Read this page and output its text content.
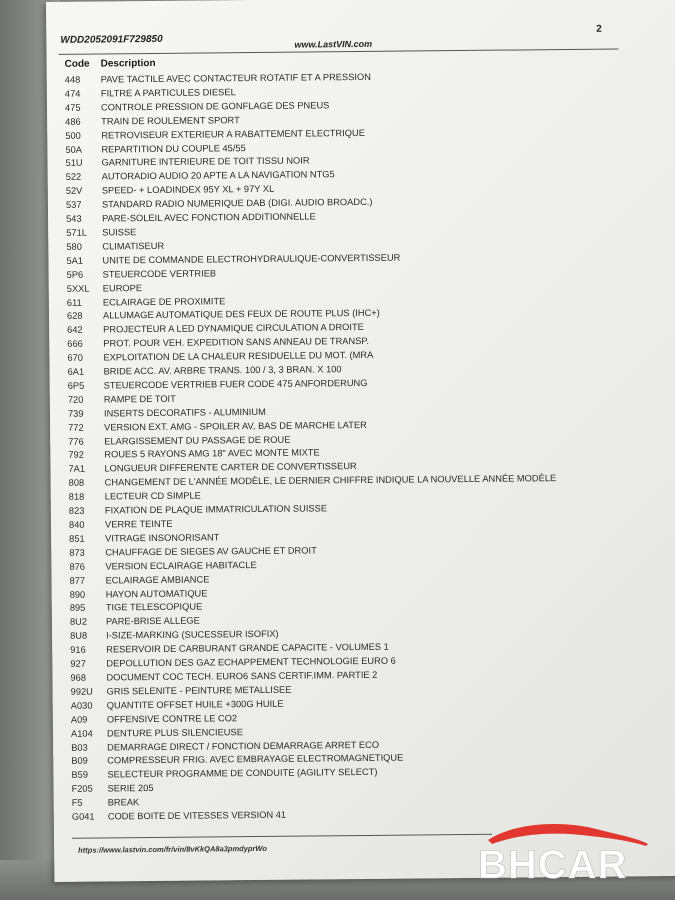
WDD2052091F729850	www.LastVIN.com
2
Code Description
448 PAVE TACTILE AVEC CONTACTEUR ROTATIF ET A PRESSION
474 FILTRE A PARTICULES DIESEL
475 CONTROLE PRESSION DE GONFLAGE DES PNEUS
486 TRAIN DE ROULEMENT SPORT
500 RETROVISEUR EXTERIEUR A RABATTEMENT ELECTRIQUE
50A REPARTITION DU COUPLE 45/55
51U GARNITURE INTERIEURE DE TOIT TISSU NOIR
522 AUTORADIO AUDIO 20 APTE A LA NAVIGATION NTG5
52V SPEED- + LOADINDEX 95Y XL + 97Y XL
537 STANDARD RADIO NUMERIQUE DAB (DIGI. AUDIO BROADC.)
543 PARE-SOLEIL AVEC FONCTION ADDITIONNELLE
571L SUISSE
580 CLIMATISEUR
5A1 UNITE DE COMMANDE ELECTROHYDRAULIQUE-CONVERTISSEUR
5P6 STEUERCODE VERTRIEB
5XXL EUROPE
611 ECLAIRAGE DE PROXIMITE
628 ALLUMAGE AUTOMATIQUE DES FEUX DE ROUTE PLUS (IHC+)
642 PROJECTEUR A LED DYNAMIQUE CIRCULATION A DROITE
666 PROT. POUR VEH. EXPEDITION SANS ANNEAU DE TRANSP.
670 EXPLOITATION DE LA CHALEUR RESIDUELLE DU MOT. (MRA
6A1 BRIDE ACC. AV. ARBRE TRANS. 100 / 3, 3 BRAN. X 100
6P5 STEUERCODE VERTRIEB FUER CODE 475 ANFORDERUNG
720 RAMPE DE TOIT
739 INSERTS DECORATIFS - ALUMINIUM
772 VERSION EXT. AMG - SPOILER AV, BAS DE MARCHE LATER
776 ELARGISSEMENT DU PASSAGE DE ROUE
792 ROUES 5 RAYONS AMG 18" AVEC MONTE MIXTE
7A1 LONGUEUR DIFFERENTE CARTER DE CONVERTISSEUR
808 CHANGEMENT DE L'ANNÉE MODÈLE, LE DERNIER CHIFFRE INDIQUE LA NOUVELLE ANNÉE MODÈLE
818 LECTEUR CD SIMPLE
823 FIXATION DE PLAQUE IMMATRICULATION SUISSE
840 VERRE TEINTE
851 VITRAGE INSONORISANT
873 CHAUFFAGE DE SIEGES AV GAUCHE ET DROIT
876 VERSION ECLAIRAGE HABITACLE
877 ECLAIRAGE AMBIANCE
890 HAYON AUTOMATIQUE
895 TIGE TELESCOPIQUE
8U2 PARE-BRISE ALLEGE
8U8 I-SIZE-MARKING (SUCESSEUR ISOFIX)
916 RESERVOIR DE CARBURANT GRANDE CAPACITE - VOLUMES 1
927 DEPOLLUTION DES GAZ ECHAPPEMENT TECHNOLOGIE EURO 6
968 DOCUMENT COC TECH. EURO6 SANS CERTIF.IMM. PARTIE 2
992U GRIS SELENITE - PEINTURE METALLISEE
A030 QUANTITE OFFSET HUILE +300G HUILE
A09 OFFENSIVE CONTRE LE CO2
A104 DENTURE PLUS SILENCIEUSE
B03 DEMARRAGE DIRECT / FONCTION DEMARRAGE ARRET ECO
B09 COMPRESSEUR FRIG. AVEC EMBRAYAGE ELECTROMAGNETIQUE
B59 SELECTEUR PROGRAMME DE CONDUITE (AGILITY SELECT)
F205 SERIE 205
F5	BREAK
G041 CODE BOITE DE VITESSES VERSION 41
https://www.lastvin.com/fr/vin/8vKkQA8a3pmdyprWo	BHCAR
